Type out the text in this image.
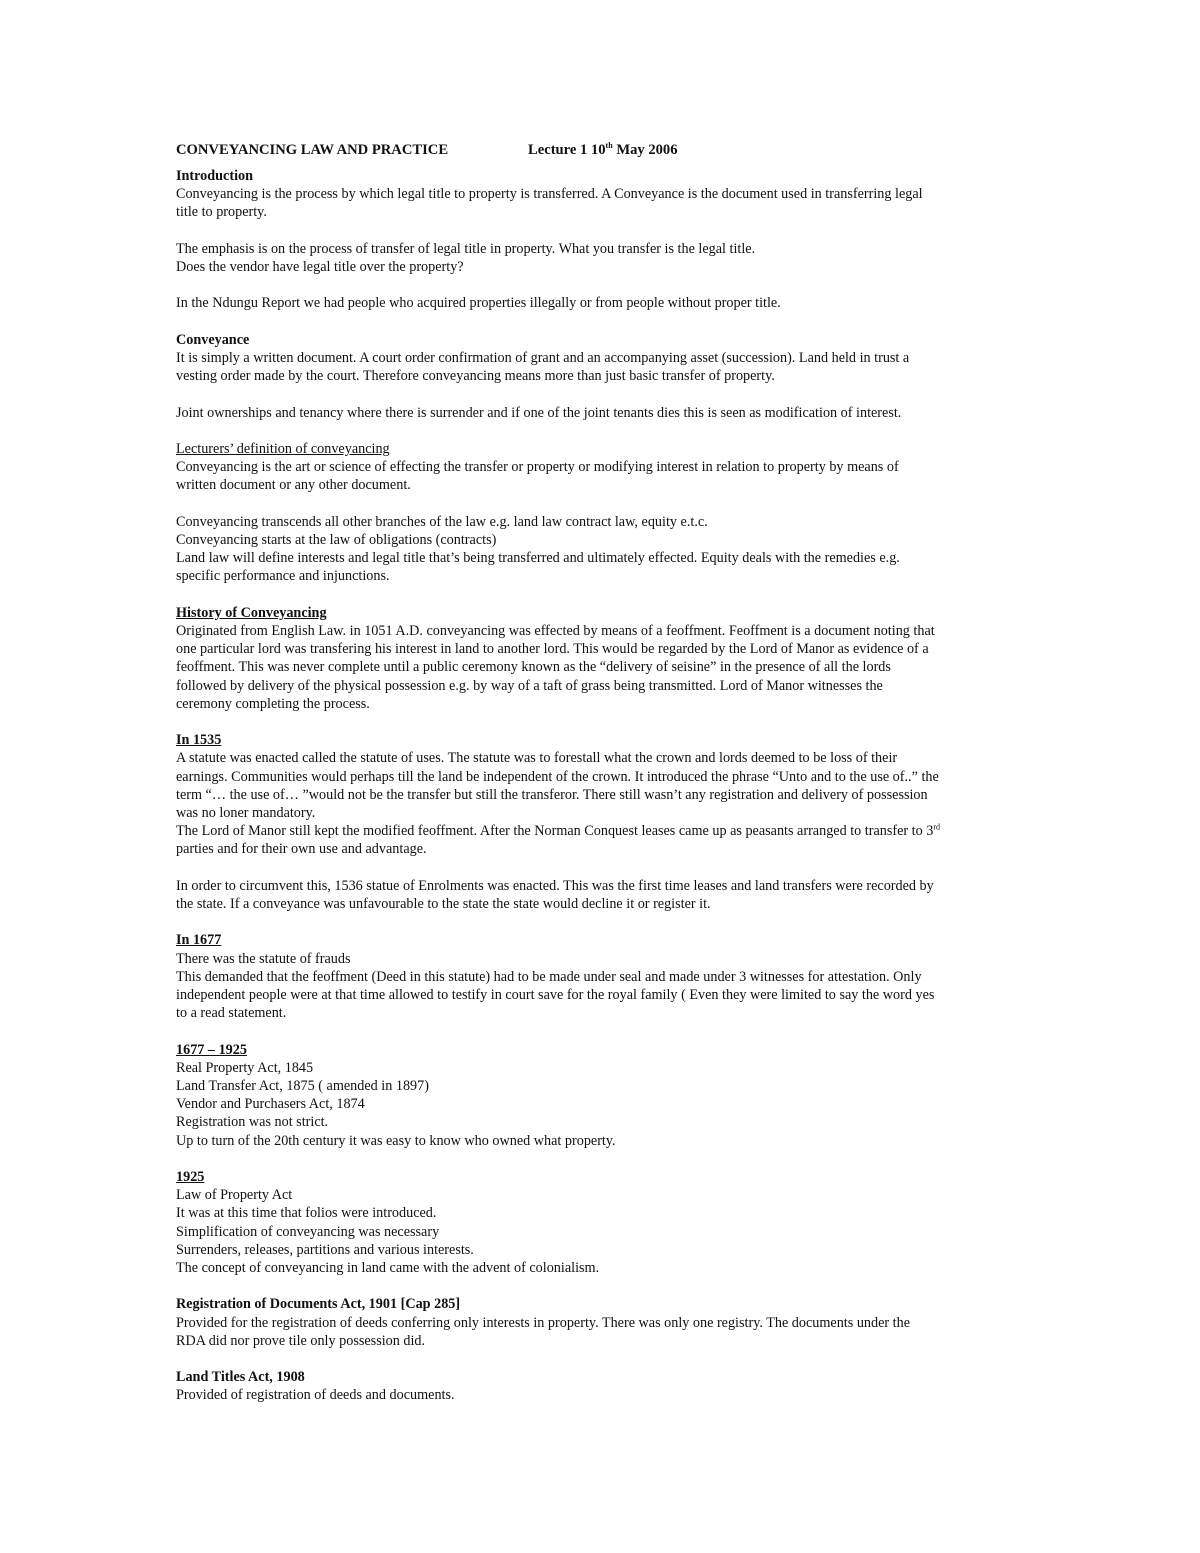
CONVEYANCING LAW AND PRACTICE	Lecture 1 10th May 2006
Introduction
Conveyancing is the process by which legal title to property is transferred. A Conveyance is the document used in transferring legal
title to property.
The emphasis is on the process of transfer of legal title in property. What you transfer is the legal title.
Does the vendor have legal title over the property?
In the Ndungu Report we had people who acquired properties illegally or from people without proper title.
Conveyance
It is simply a written document. A court order confirmation of grant and an accompanying asset (succession). Land held in trust a
vesting order made by the court. Therefore conveyancing means more than just basic transfer of property.
Joint ownerships and tenancy where there is surrender and if one of the joint tenants dies this is seen as modification of interest.
Lecturers’ definition of conveyancing
Conveyancing is the art or science of effecting the transfer or property or modifying interest in relation to property by means of
written document or any other document.
Conveyancing transcends all other branches of the law e.g. land law contract law, equity e.t.c.
Conveyancing starts at the law of obligations (contracts)
Land law will define interests and legal title that’s being transferred and ultimately effected. Equity deals with the remedies e.g.
specific performance and injunctions.
History of Conveyancing
Originated from English Law. in 1051 A.D. conveyancing was effected by means of a feoffment. Feoffment is a document noting that
one particular lord was transfering his interest in land to another lord. This would be regarded by the Lord of Manor as evidence of a
feoffment. This was never complete until a public ceremony known as the “delivery of seisine” in the presence of all the lords
followed by delivery of the physical possession e.g. by way of a taft of grass being transmitted. Lord of Manor witnesses the
ceremony completing the process.
In 1535
A statute was enacted called the statute of uses. The statute was to forestall what the crown and lords deemed to be loss of their
earnings. Communities would perhaps till the land be independent of the crown. It introduced the phrase “Unto and to the use of..” the
term “… the use of… ”would not be the transfer but still the transferor. There still wasn’t any registration and delivery of possession
was no loner mandatory.
The Lord of Manor still kept the modified feoffment. After the Norman Conquest leases came up as peasants arranged to transfer to 3rd
parties and for their own use and advantage.
In order to circumvent this, 1536 statue of Enrolments was enacted. This was the first time leases and land transfers were recorded by
the state. If a conveyance was unfavourable to the state the state would decline it or register it.
In 1677
There was the statute of frauds
This demanded that the feoffment (Deed in this statute) had to be made under seal and made under 3 witnesses for attestation. Only
independent people were at that time allowed to testify in court save for the royal family ( Even they were limited to say the word yes
to a read statement.
1677 – 1925
Real Property Act, 1845
Land Transfer Act, 1875 ( amended in 1897)
Vendor and Purchasers Act, 1874
Registration was not strict.
Up to turn of the 20th century it was easy to know who owned what property.
1925
Law of Property Act
It was at this time that folios were introduced.
Simplification of conveyancing was necessary
Surrenders, releases, partitions and various interests.
The concept of conveyancing in land came with the advent of colonialism.
Registration of Documents Act, 1901 [Cap 285]
Provided for the registration of deeds conferring only interests in property. There was only one registry. The documents under the
RDA did nor prove tile only possession did.
Land Titles Act, 1908
Provided of registration of deeds and documents.
